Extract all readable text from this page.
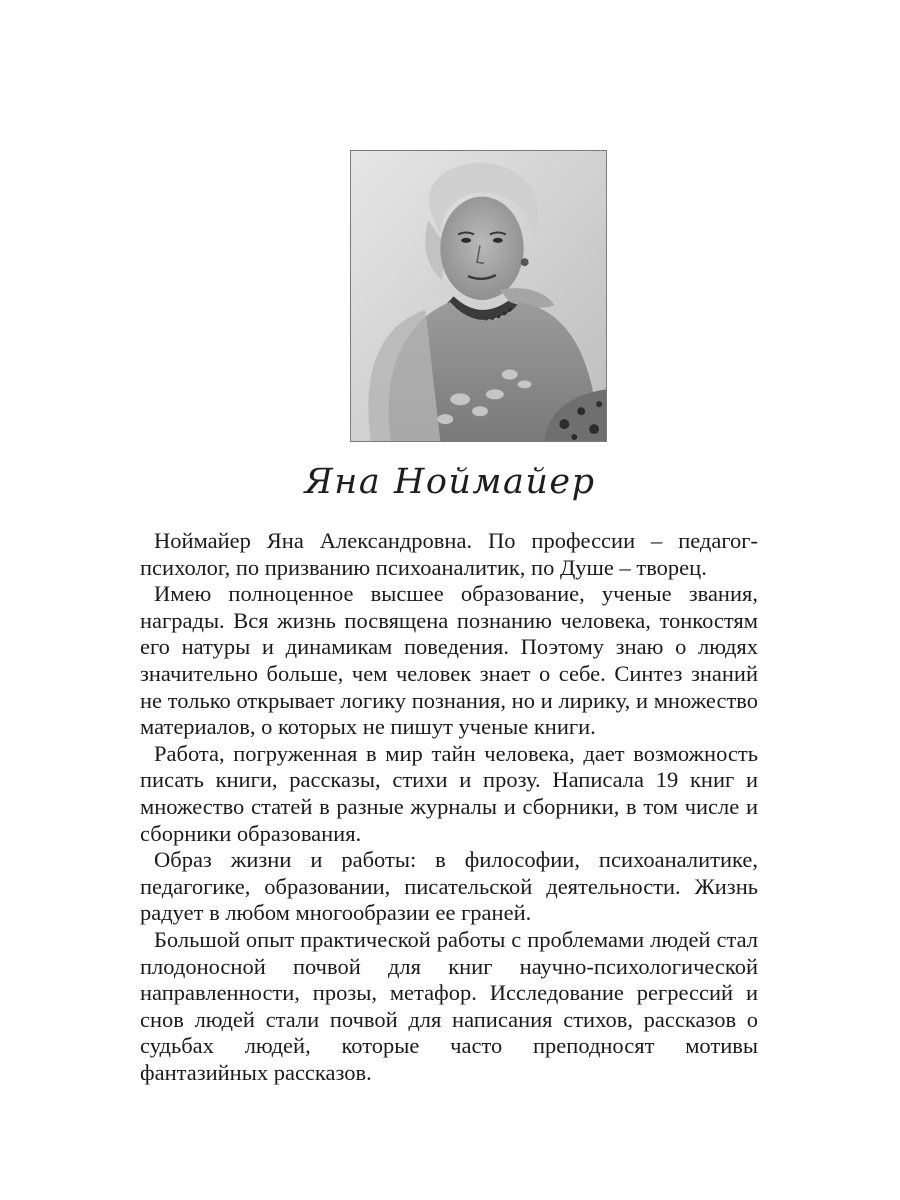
Яна Ноймайер

Ноймайер Яна Александровна. По профессии – педагог-психолог, по призванию психоаналитик, по Душе – творец.

Имею полноценное высшее образование, ученые звания, награды. Вся жизнь посвящена познанию человека, тонкостям его натуры и динамикам поведения. Поэтому знаю о людях значительно больше, чем человек знает о себе. Синтез знаний не только открывает логику познания, но и лирику, и множество материалов, о которых не пишут ученые книги.

Работа, погруженная в мир тайн человека, дает возможность писать книги, рассказы, стихи и прозу. Написала 19 книг и множество статей в разные журналы и сборники, в том числе и сборники образования.

Образ жизни и работы: в философии, психоаналитике, педагогике, образовании, писательской деятельности. Жизнь радует в любом многообразии ее граней.

Большой опыт практической работы с проблемами людей стал плодоносной почвой для книг научно-психологической направленности, прозы, метафор. Исследование регрессий и снов людей стали почвой для написания стихов, рассказов о судьбах людей, которые часто преподносят мотивы фантазийных рассказов.
